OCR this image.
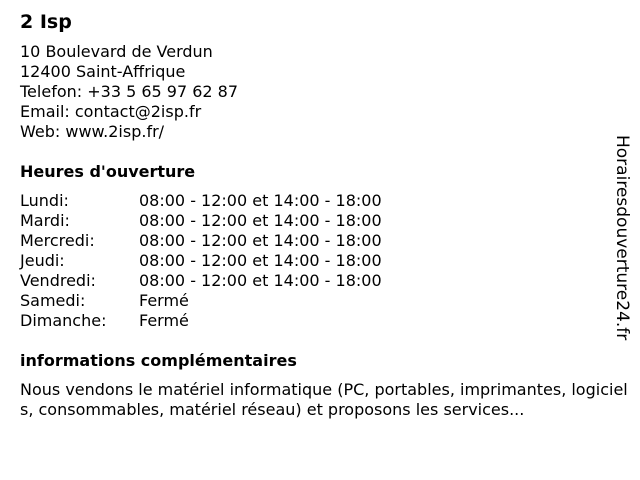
2 Isp
10 Boulevard de Verdun
12400 Saint-Affrique
Telefon: +33 5 65 97 62 87
Email: contact@2isp.fr
Web: www.2isp.fr/
Heures d'ouverture
Lundi:	08:00 - 12:00 et 14:00 - 18:00
Mardi:	08:00 - 12:00 et 14:00 - 18:00
Mercredi:	08:00 - 12:00 et 14:00 - 18:00
Jeudi:	08:00 - 12:00 et 14:00 - 18:00
Vendredi:	08:00 - 12:00 et 14:00 - 18:00
Samedi:	Fermé
Dimanche:	Fermé
informations complémentaires
Nous vendons le matériel informatique (PC, portables, imprimantes, logiciels, consommables, matériel réseau) et proposons les services...
Horairesdouverture24.fr
